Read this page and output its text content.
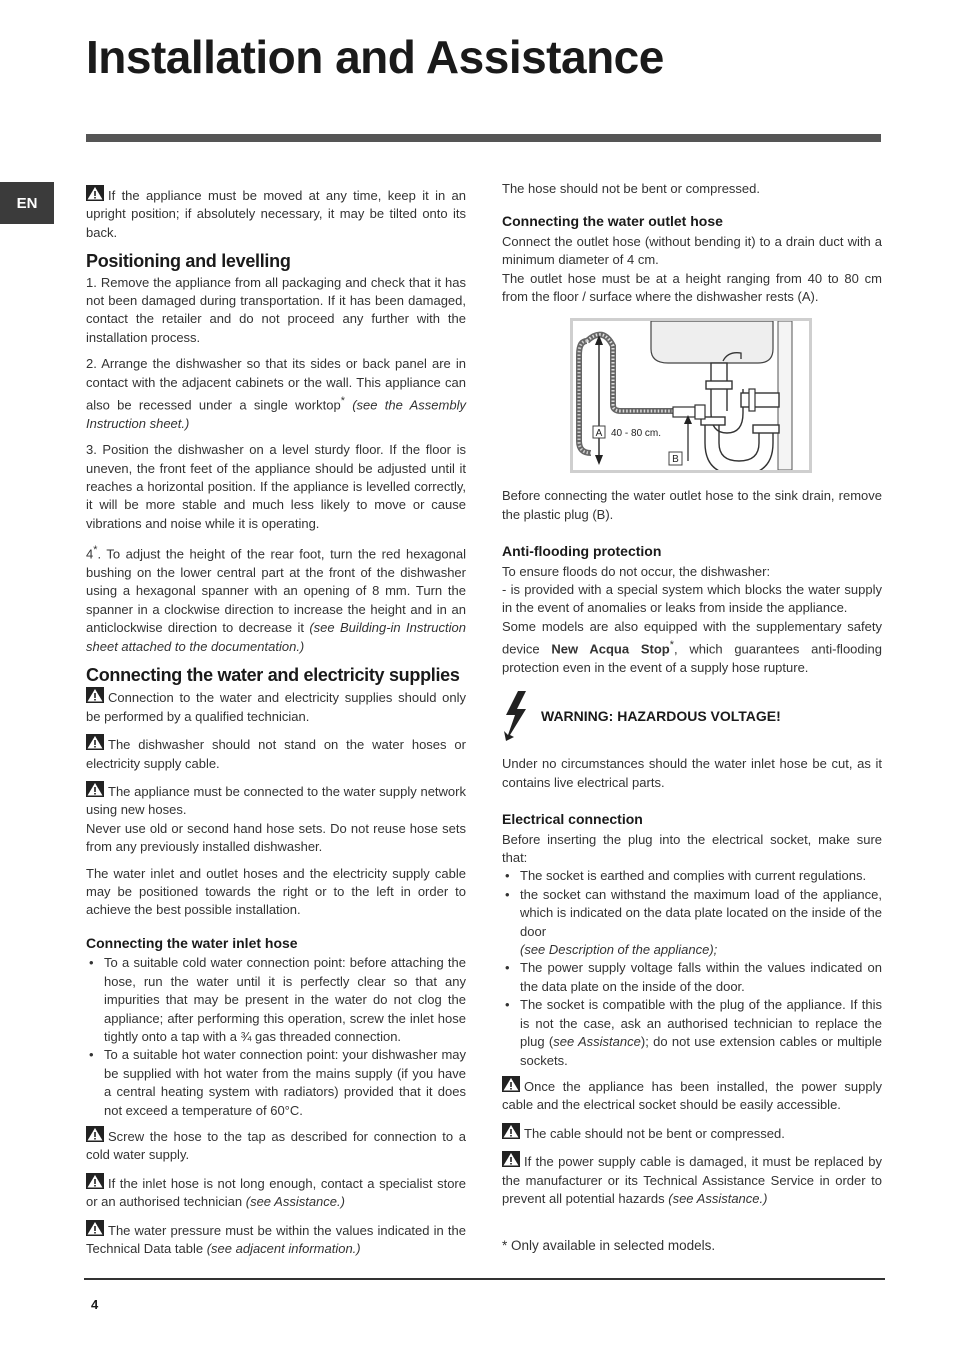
Installation and Assistance
EN	If the appliance must be moved at any time, keep it in an upright position; if absolutely necessary, it may be tilted onto its back.

Positioning and levelling

1. Remove the appliance from all packaging and check that it has not been damaged during transportation. If it has been damaged, contact the retailer and do not proceed any further with the installation process.

2. Arrange the dishwasher so that its sides or back panel are in contact with the adjacent cabinets or the wall. This appliance can also be recessed under a single worktop* (see the Assembly Instruction sheet.)

3. Position the dishwasher on a level sturdy floor. If the floor is uneven, the front feet of the appliance should be adjusted until it reaches a horizontal position. If the appliance is levelled correctly, it will be more stable and much less likely to move or cause vibrations and noise while it is operating.

4*. To adjust the height of the rear foot, turn the red hexagonal bushing on the lower central part at the front of the dishwasher using a hexagonal spanner with an opening of 8 mm. Turn the spanner in a clockwise direction to increase the height and in an anticlockwise direction to decrease it (see Building-in Instruction sheet attached to the documentation.)

Connecting the water and electricity supplies

Connection to the water and electricity supplies should only be performed by a qualified technician.

The dishwasher should not stand on the water hoses or electricity supply cable.

The appliance must be connected to the water supply network using new hoses.
Never use old or second hand hose sets. Do not reuse hose sets from any previously installed dishwasher.

The water inlet and outlet hoses and the electricity supply cable may be positioned towards the right or to the left in order to achieve the best possible installation.

Connecting the water inlet hose
• To a suitable cold water connection point: before attaching the hose, run the water until it is perfectly clear so that any impurities that may be present in the water do not clog the appliance; after performing this operation, screw the inlet hose tightly onto a tap with a ¾ gas threaded connection.
• To a suitable hot water connection point: your dishwasher may be supplied with hot water from the mains supply (if you have a central heating system with radiators) provided that it does not exceed a temperature of 60°C.

Screw the hose to the tap as described for connection to a cold water supply.

If the inlet hose is not long enough, contact a specialist store or an authorised technician (see Assistance.)

The water pressure must be within the values indicated in the Technical Data table (see adjacent information.)

The hose should not be bent or compressed.

Connecting the water outlet hose

Connect the outlet hose (without bending it) to a drain duct with a minimum diameter of 4 cm.

The outlet hose must be at a height ranging from 40 to 80 cm from the floor / surface where the dishwasher rests (A).

A 40 - 80 cm.
B

Before connecting the water outlet hose to the sink drain, remove the plastic plug (B).

Anti-flooding protection

To ensure floods do not occur, the dishwasher:

- is provided with a special system which blocks the water supply in the event of anomalies or leaks from inside the appliance.

Some models are also equipped with the supplementary safety device New Acqua Stop*, which guarantees anti-flooding protection even in the event of a supply hose rupture.

WARNING: HAZARDOUS VOLTAGE!

Under no circumstances should the water inlet hose be cut, as it contains live electrical parts.

Electrical connection

Before inserting the plug into the electrical socket, make sure that:

• The socket is earthed and complies with current regulations.
• the socket can withstand the maximum load of the appliance, which is indicated on the data plate located on the inside of the door
(see Description of the appliance);
• The power supply voltage falls within the values indicated on the data plate on the inside of the door.
• The socket is compatible with the plug of the appliance. If this is not the case, ask an authorised technician to replace the plug (see Assistance); do not use extension cables or multiple sockets.

Once the appliance has been installed, the power supply cable and the electrical socket should be easily accessible.

The cable should not be bent or compressed.

If the power supply cable is damaged, it must be replaced by the manufacturer or its Technical Assistance Service in order to prevent all potential hazards (see Assistance.)

* Only available in selected models.
4
